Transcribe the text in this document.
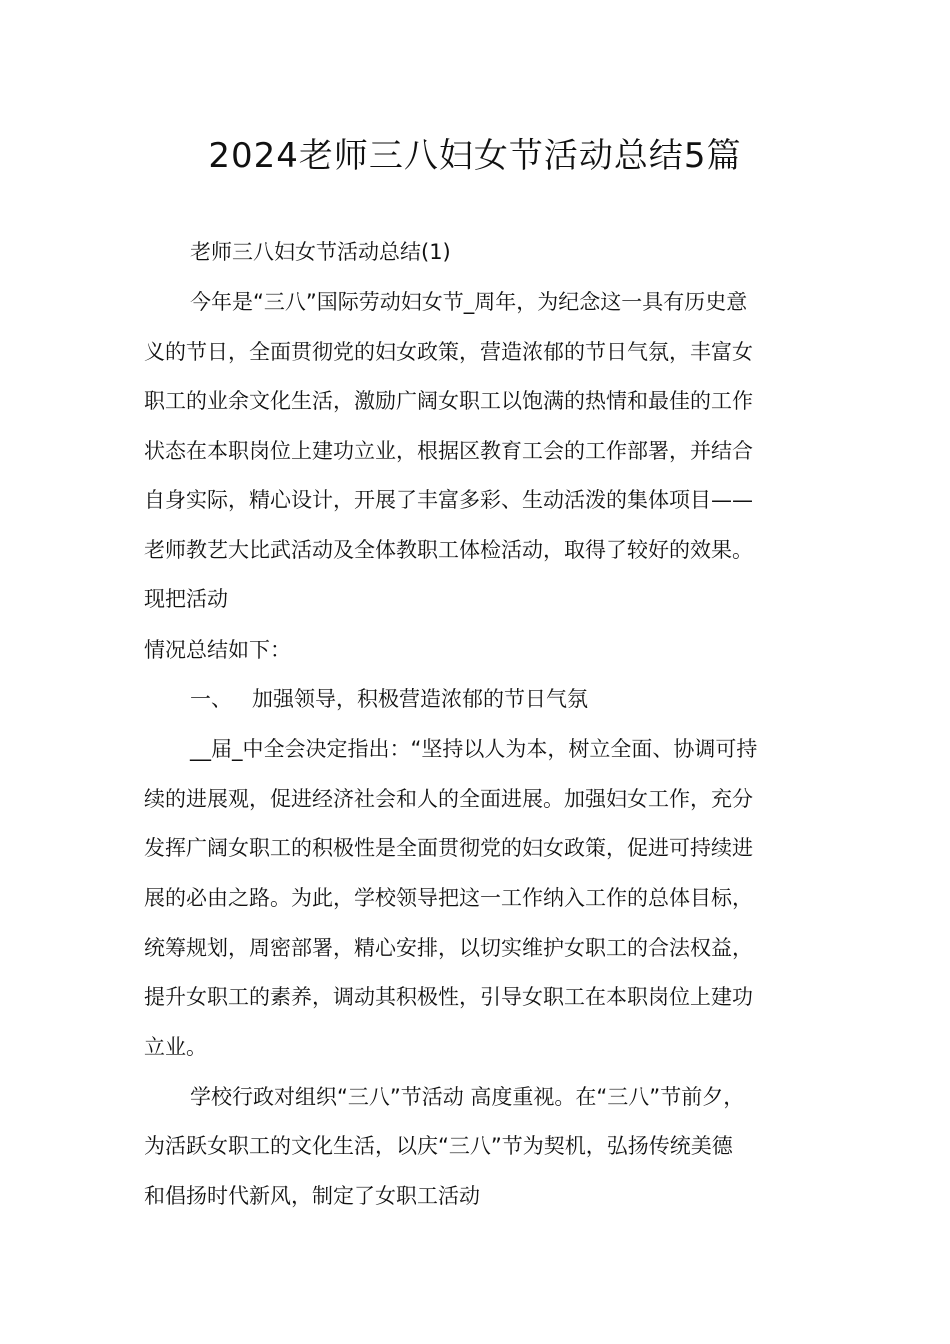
2024老师三八妇女节活动总结5篇
老师三八妇女节活动总结(1)
今年是“三八”国际劳动妇女节_周年，为纪念这一具有历史意
义的节日，全面贯彻党的妇女政策，营造浓郁的节日气氛，丰富女
职工的业余文化生活，激励广阔女职工以饱满的热情和最佳的工作
状态在本职岗位上建功立业，根据区教育工会的工作部署，并结合
自身实际，精心设计，开展了丰富多彩、生动活泼的集体项目——
老师教艺大比武活动及全体教职工体检活动，取得了较好的效果。
现把活动
情况总结如下：
一、 加强领导，积极营造浓郁的节日气氛
__届_中全会决定指出：“坚持以人为本，树立全面、协调可持
续的进展观，促进经济社会和人的全面进展。加强妇女工作，充分
发挥广阔女职工的积极性是全面贯彻党的妇女政策，促进可持续进
展的必由之路。为此，学校领导把这一工作纳入工作的总体目标，
统筹规划，周密部署，精心安排，以切实维护女职工的合法权益，
提升女职工的素养，调动其积极性，引导女职工在本职岗位上建功
立业。
学校行政对组织“三八”节活动 高度重视。在“三八”节前夕，
为活跃女职工的文化生活，以庆“三八”节为契机，弘扬传统美德
和倡扬时代新风，制定了女职工活动
